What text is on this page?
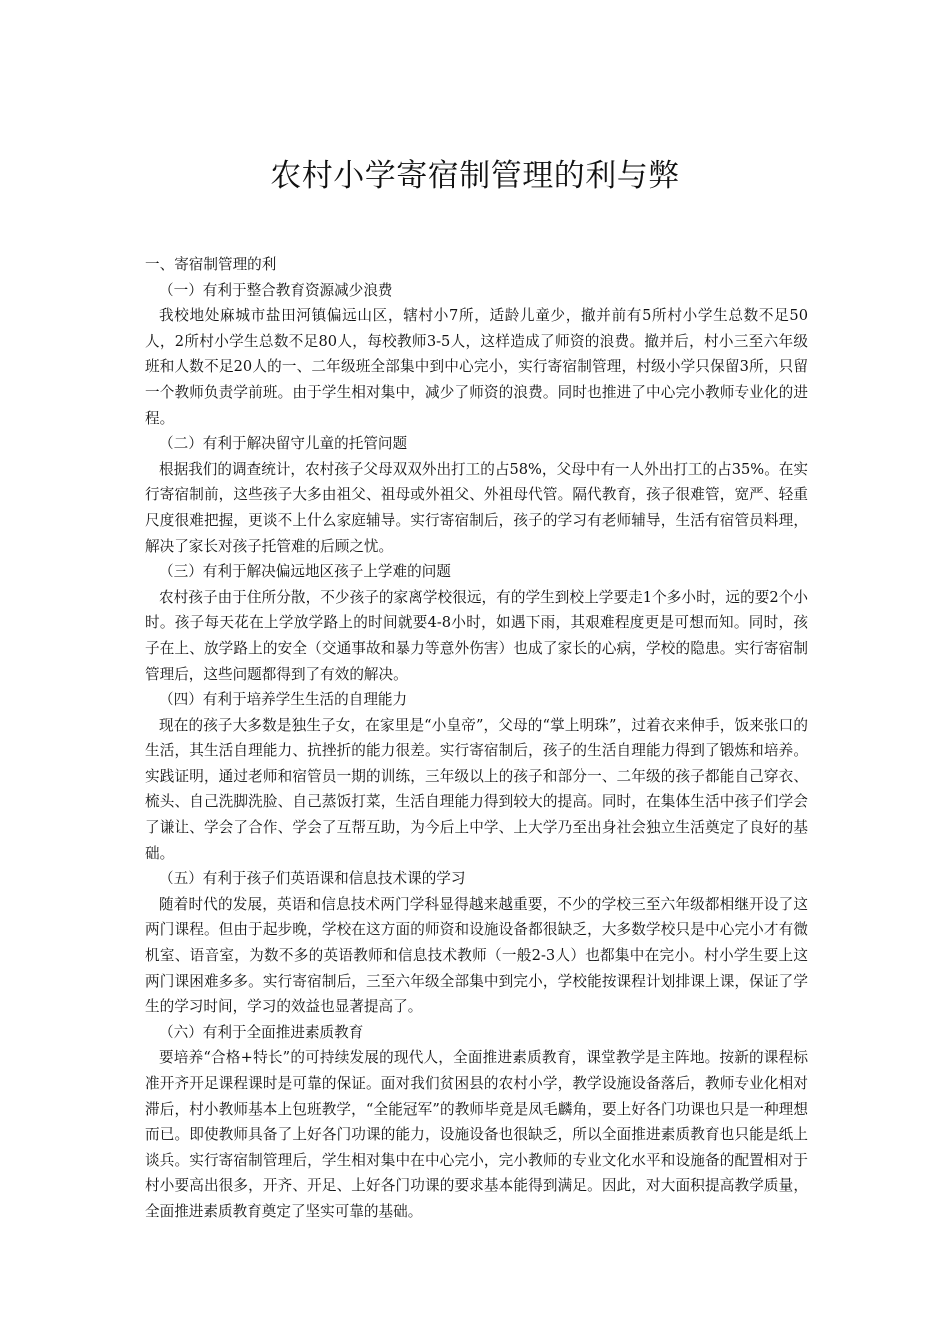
农村小学寄宿制管理的利与弊

一、寄宿制管理的利

（一）有利于整合教育资源减少浪费

我校地处麻城市盐田河镇偏远山区，辖村小7所，适龄儿童少，撤并前有5所村小学生总数不足50人，2所村小学生总数不足80人，每校教师3-5人，这样造成了师资的浪费。撤并后，村小三至六年级班和人数不足20人的一、二年级班全部集中到中心完小，实行寄宿制管理，村级小学只保留3所，只留一个教师负责学前班。由于学生相对集中，减少了师资的浪费。同时也推进了中心完小教师专业化的进程。

（二）有利于解决留守儿童的托管问题

根据我们的调查统计，农村孩子父母双双外出打工的占58%，父母中有一人外出打工的占35%。在实行寄宿制前，这些孩子大多由祖父、祖母或外祖父、外祖母代管。隔代教育，孩子很难管，宽严、轻重尺度很难把握，更谈不上什么家庭辅导。实行寄宿制后，孩子的学习有老师辅导，生活有宿管员料理，解决了家长对孩子托管难的后顾之忧。

（三）有利于解决偏远地区孩子上学难的问题

农村孩子由于住所分散，不少孩子的家离学校很远，有的学生到校上学要走1个多小时，远的要2个小时。孩子每天花在上学放学路上的时间就要4-8小时，如遇下雨，其艰难程度更是可想而知。同时，孩子在上、放学路上的安全（交通事故和暴力等意外伤害）也成了家长的心病，学校的隐患。实行寄宿制管理后，这些问题都得到了有效的解决。

（四）有利于培养学生生活的自理能力

现在的孩子大多数是独生子女，在家里是“小皇帝”，父母的“掌上明珠”，过着衣来伸手，饭来张口的生活，其生活自理能力、抗挫折的能力很差。实行寄宿制后，孩子的生活自理能力得到了锻炼和培养。实践证明，通过老师和宿管员一期的训练，三年级以上的孩子和部分一、二年级的孩子都能自己穿衣、梳头、自己洗脚洗脸、自己蒸饭打菜，生活自理能力得到较大的提高。同时，在集体生活中孩子们学会了谦让、学会了合作、学会了互帮互助，为今后上中学、上大学乃至出身社会独立生活奠定了良好的基础。

（五）有利于孩子们英语课和信息技术课的学习

随着时代的发展，英语和信息技术两门学科显得越来越重要，不少的学校三至六年级都相继开设了这两门课程。但由于起步晚，学校在这方面的师资和设施设备都很缺乏，大多数学校只是中心完小才有微机室、语音室，为数不多的英语教师和信息技术教师（一般2-3人）也都集中在完小。村小学生要上这两门课困难多多。实行寄宿制后，三至六年级全部集中到完小，学校能按课程计划排课上课，保证了学生的学习时间，学习的效益也显著提高了。

（六）有利于全面推进素质教育

要培养“合格+特长”的可持续发展的现代人，全面推进素质教育，课堂教学是主阵地。按新的课程标准开齐开足课程课时是可靠的保证。面对我们贫困县的农村小学，教学设施设备落后，教师专业化相对滞后，村小教师基本上包班教学，“全能冠军”的教师毕竟是凤毛麟角，要上好各门功课也只是一种理想而已。即使教师具备了上好各门功课的能力，设施设备也很缺乏，所以全面推进素质教育也只能是纸上谈兵。实行寄宿制管理后，学生相对集中在中心完小，完小教师的专业文化水平和设施备的配置相对于村小要高出很多，开齐、开足、上好各门功课的要求基本能得到满足。因此，对大面积提高教学质量，全面推进素质教育奠定了坚实可靠的基础。
